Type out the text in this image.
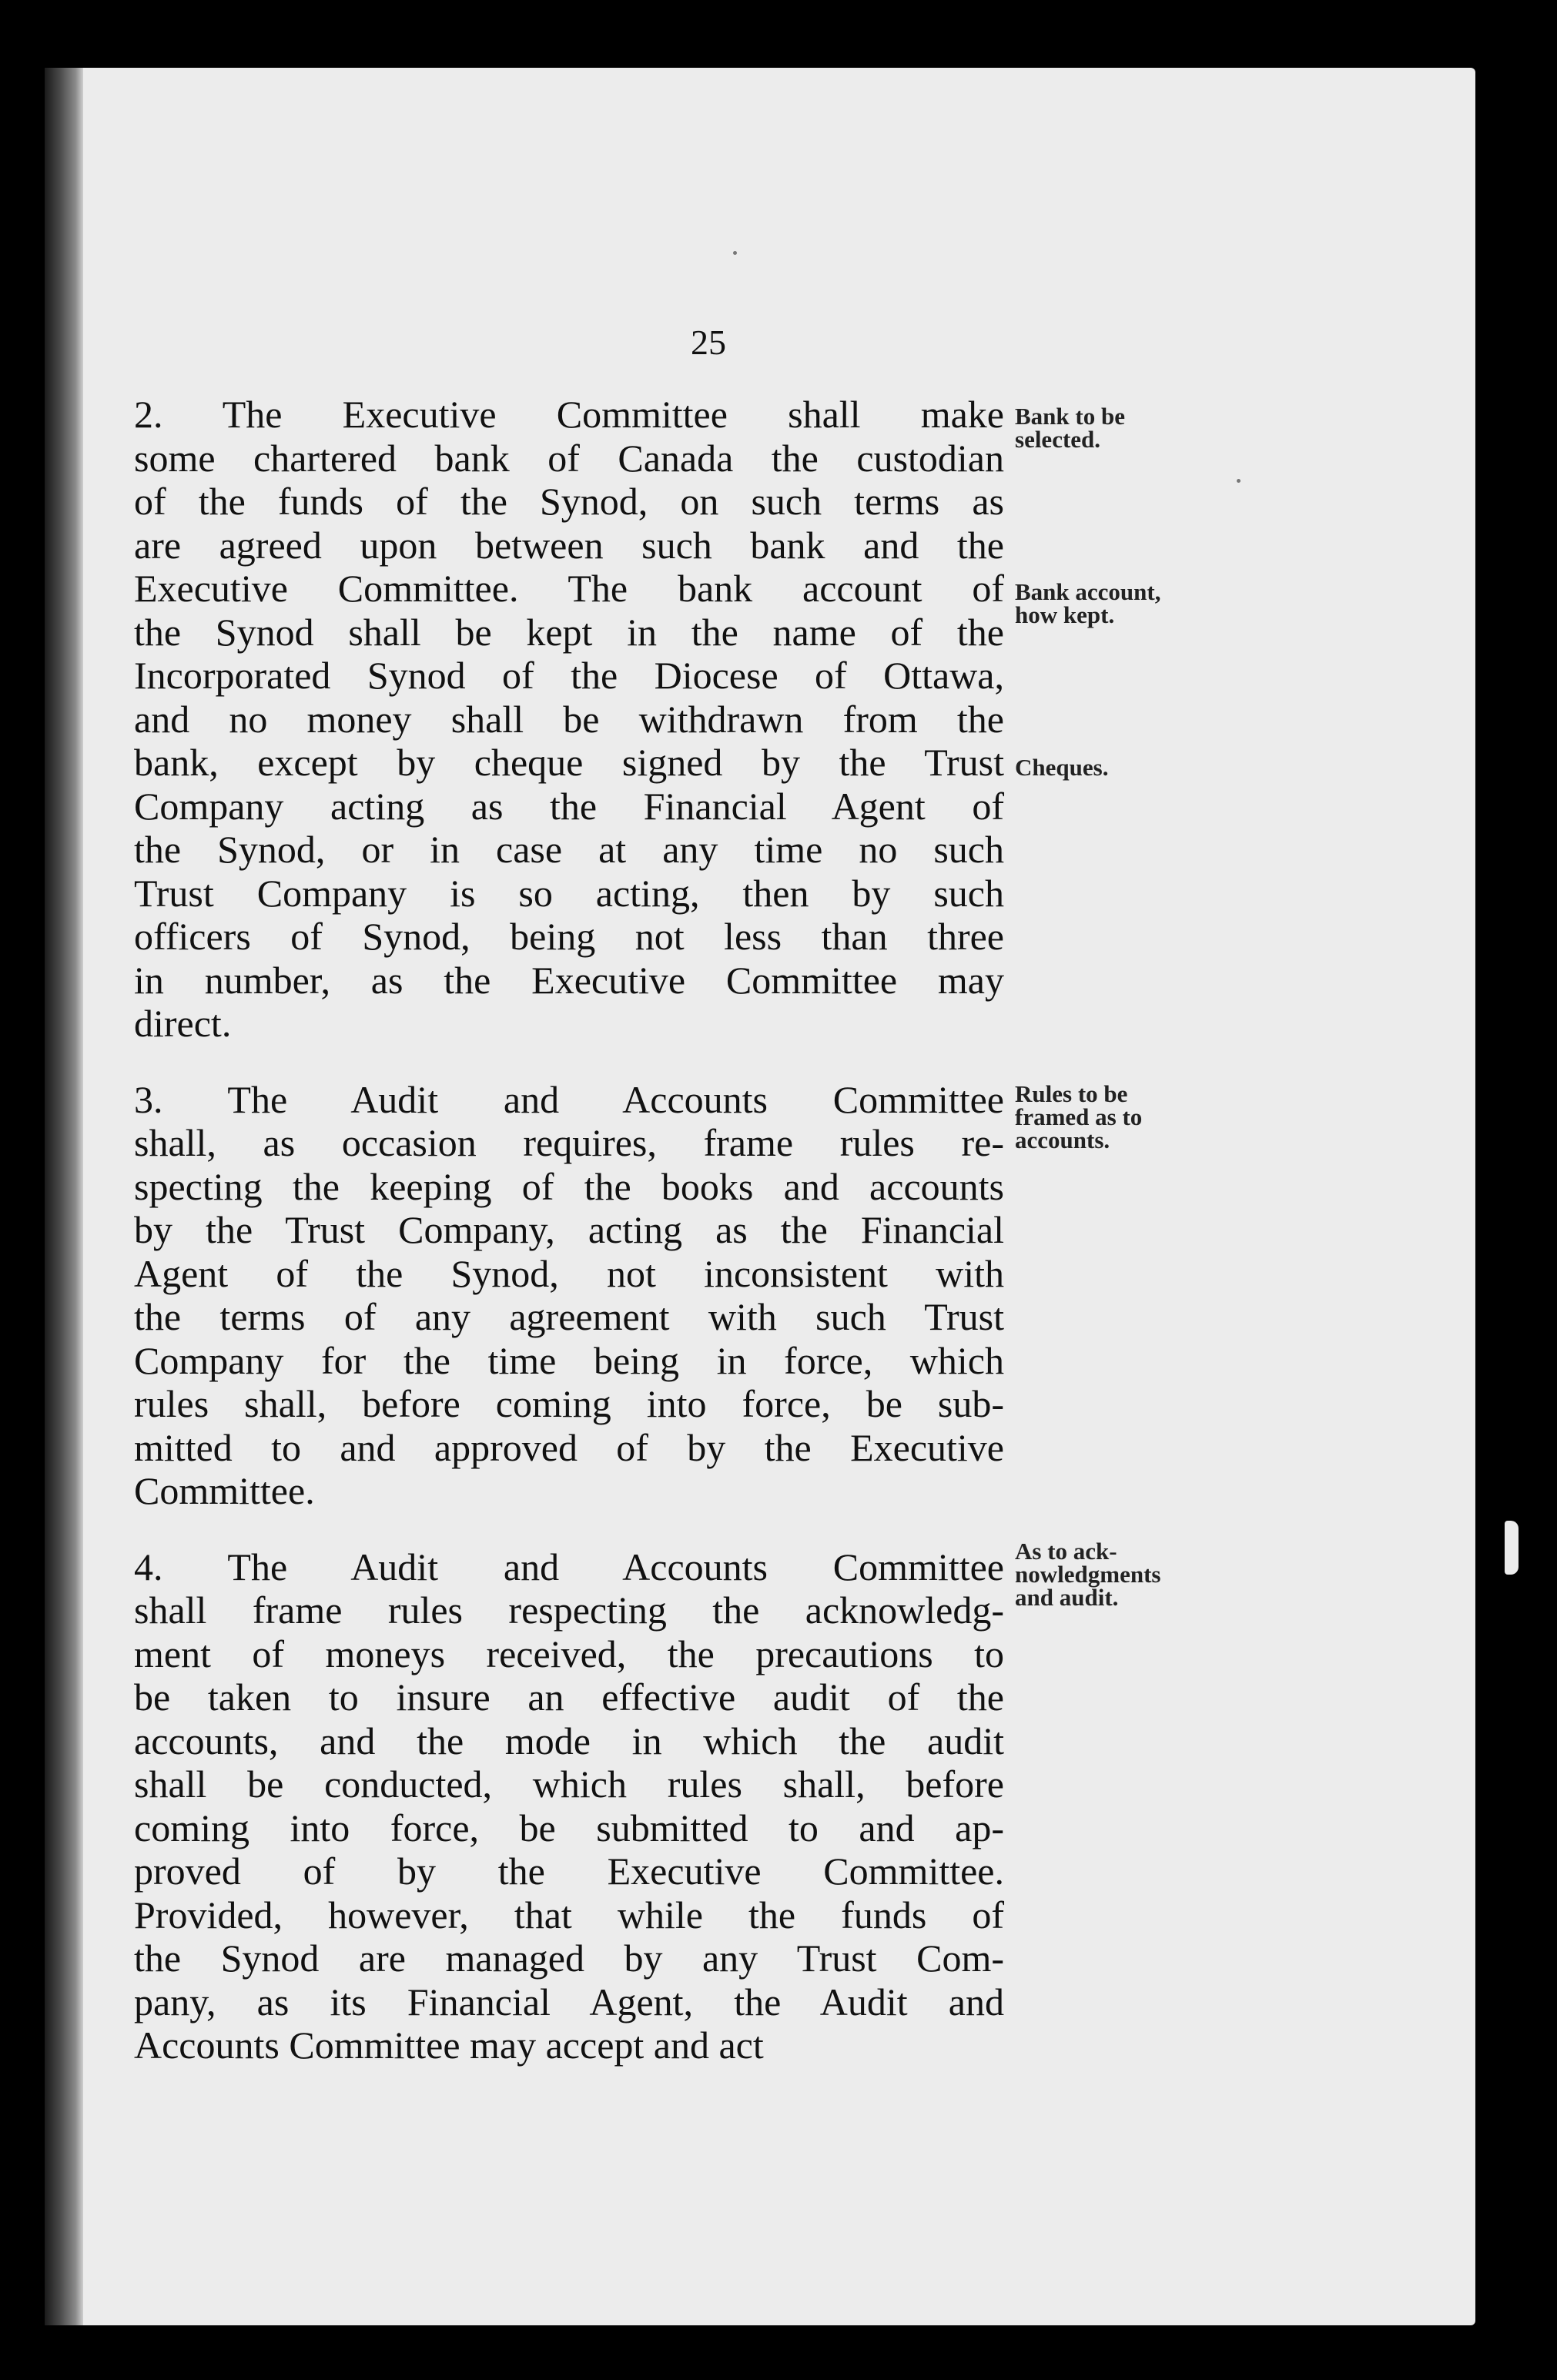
25
2. The Executive Committee shall make
some chartered bank of Canada the custodian
of the funds of the Synod, on such terms as
are agreed upon between such bank and the
Executive Committee. The bank account of
the Synod shall be kept in the name of the
Incorporated Synod of the Diocese of Ottawa,
and no money shall be withdrawn from the
bank, except by cheque signed by the Trust
Company acting as the Financial Agent of
the Synod, or in case at any time no such
Trust Company is so acting, then by such
officers of Synod, being not less than three
in number, as the Executive Committee may
direct.
3. The Audit and Accounts Committee
shall, as occasion requires, frame rules re-
specting the keeping of the books and accounts
by the Trust Company, acting as the Financial
Agent of the Synod, not inconsistent with
the terms of any agreement with such Trust
Company for the time being in force, which
rules shall, before coming into force, be sub-
mitted to and approved of by the Executive
Committee.
4. The Audit and Accounts Committee
shall frame rules respecting the acknowledg-
ment of moneys received, the precautions to
be taken to insure an effective audit of the
accounts, and the mode in which the audit
shall be conducted, which rules shall, before
coming into force, be submitted to and ap-
proved of by the Executive Committee.
Provided, however, that while the funds of
the Synod are managed by any Trust Com-
pany, as its Financial Agent, the Audit and
Accounts Committee may accept and act
Bank to be
selected.
Bank account,
how kept.
Cheques.
Rules to be
framed as to
accounts.
As to ack-
nowledgments
and audit.
